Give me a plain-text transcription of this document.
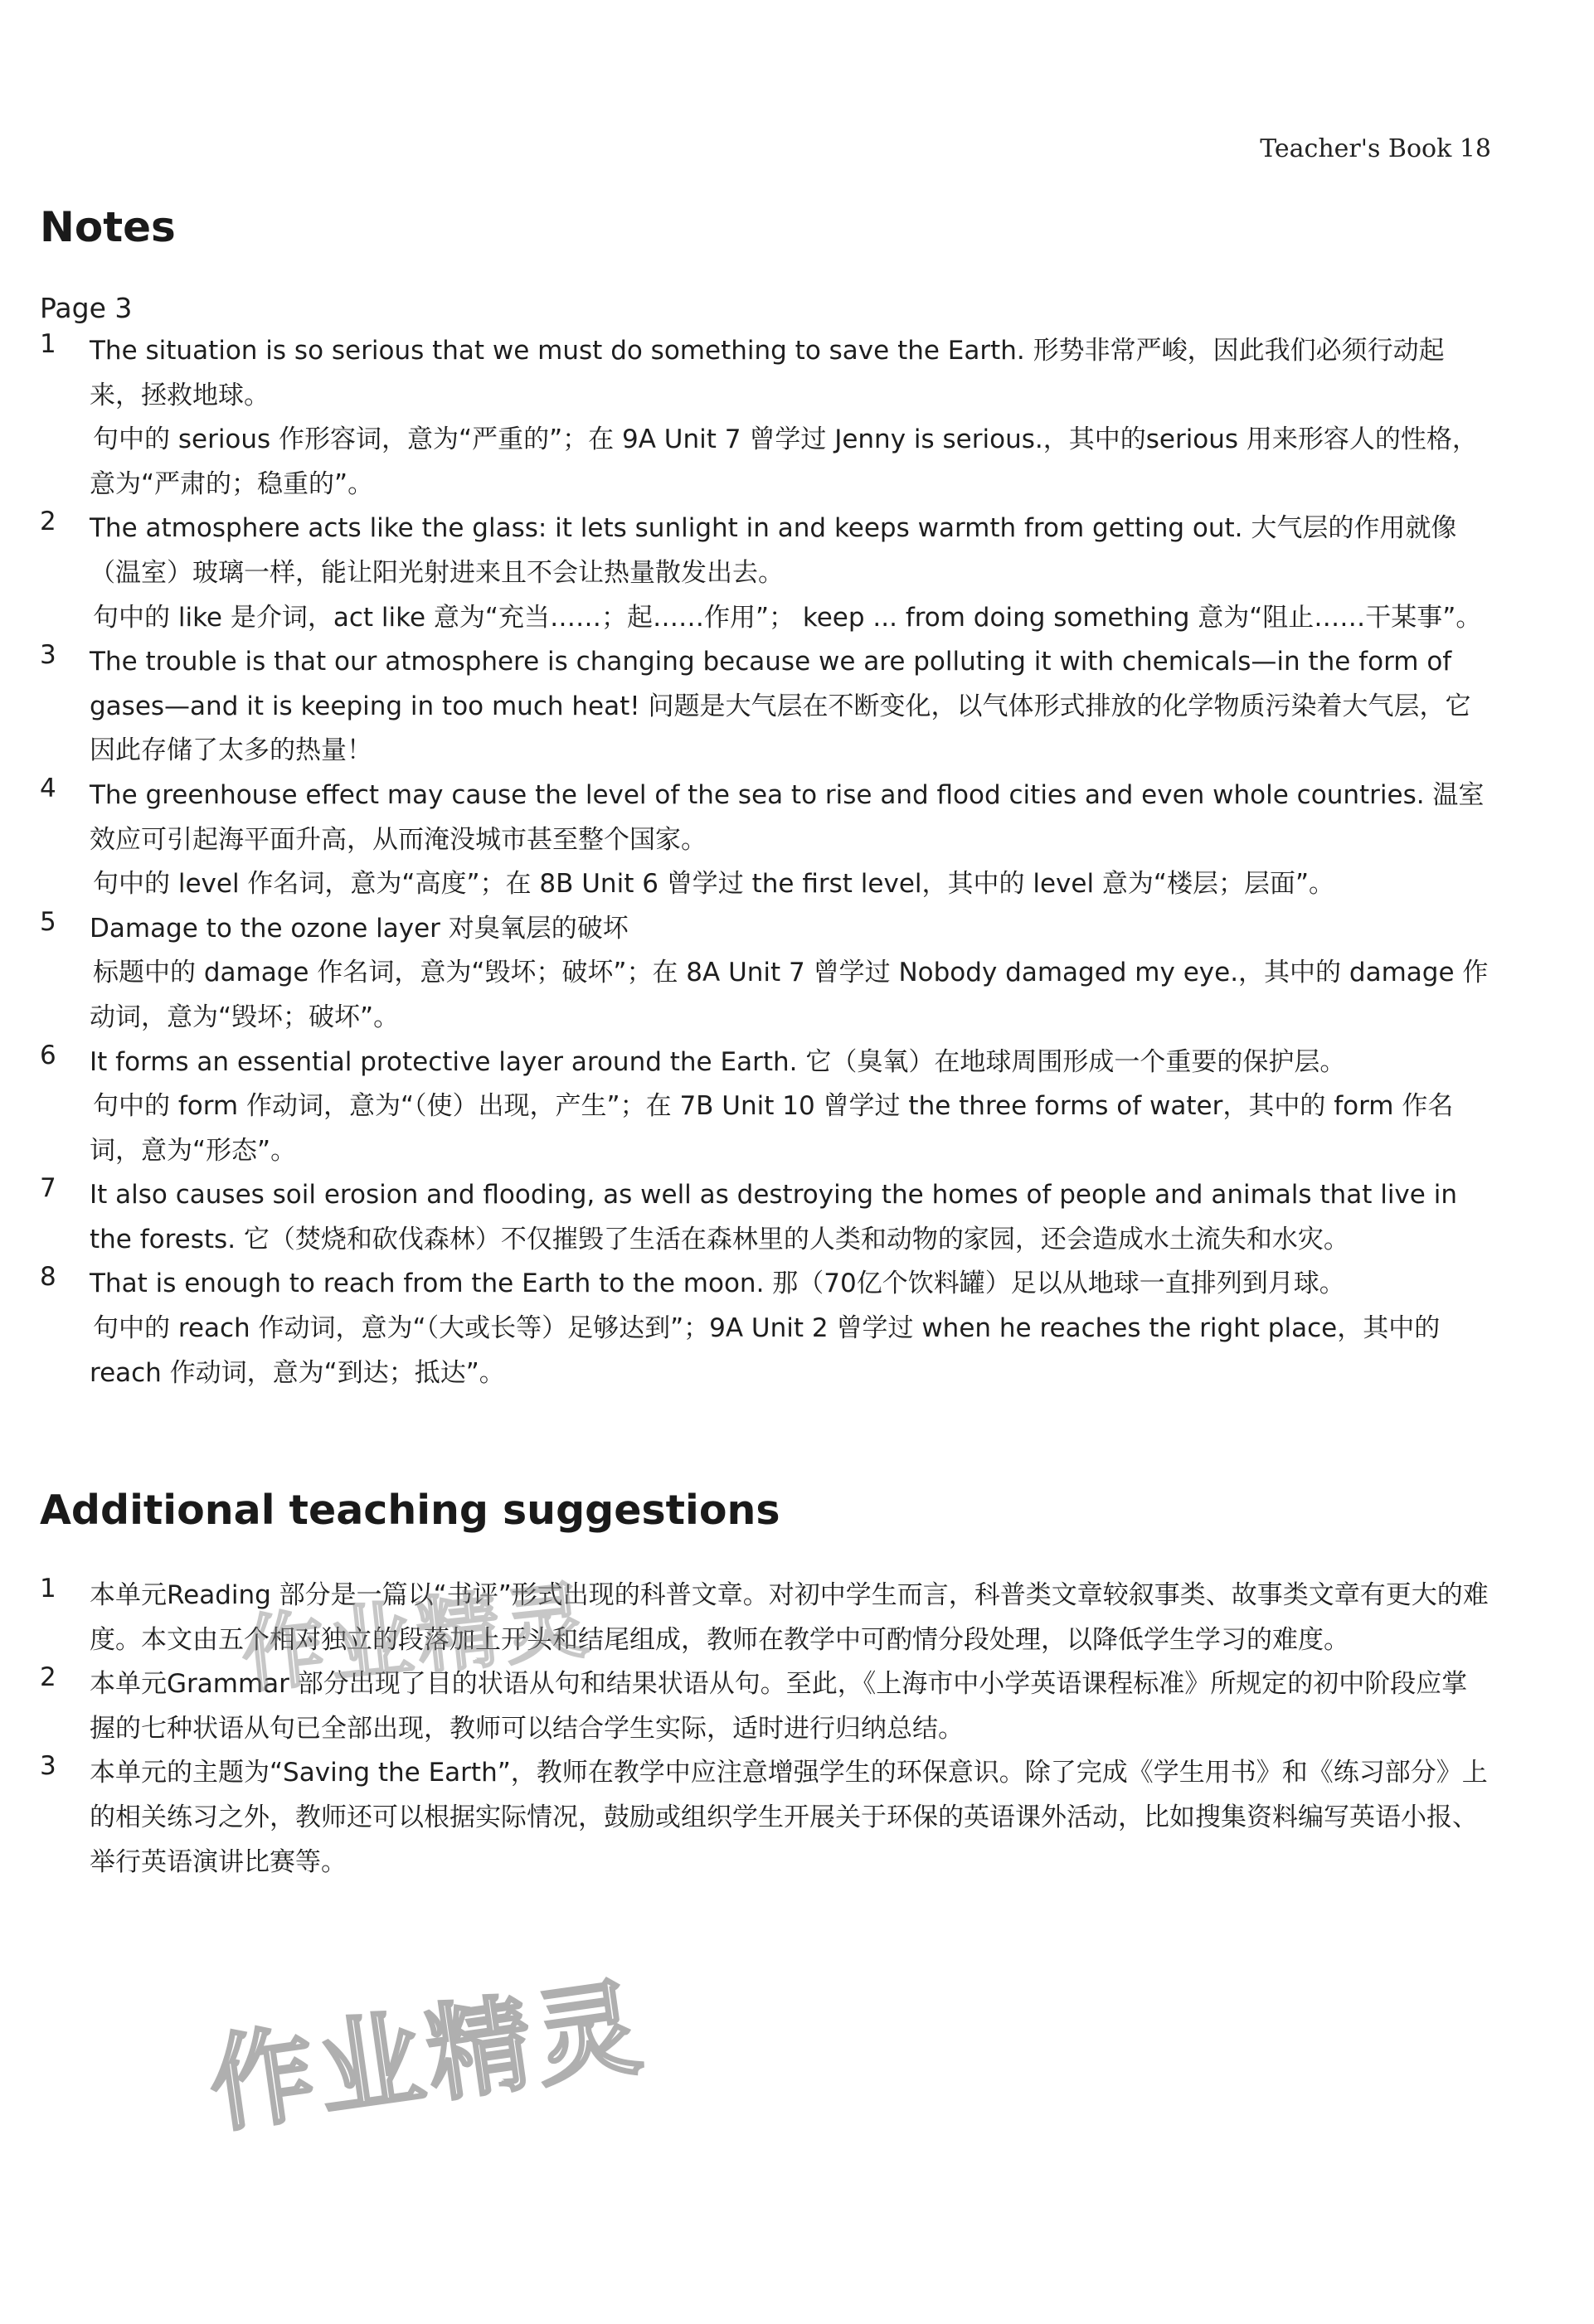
Teacher's Book 18
Notes
Page 3
1 The situation is so serious that we must do something to save the Earth. 形势非常严峻，因此我们必须行动起来，拯救地球。

句中的 serious 作形容词，意为“严重的”；在 9A Unit 7 曾学过 Jenny is serious.，其中的serious 用来形容人的性格，意为“严肃的；稳重的”。

2 The atmosphere acts like the glass: it lets sunlight in and keeps warmth from getting out. 大气层的作用就像（温室）玻璃一样，能让阳光射进来且不会让热量散发出去。

句中的 like 是介词，act like 意为“充当……；起……作用”； keep ... from doing something 意为“阻止……干某事”。

3 The trouble is that our atmosphere is changing because we are polluting it with chemicals—in the form of gases—and it is keeping in too much heat! 问题是大气层在不断变化，以气体形式排放的化学物质污染着大气层，它因此存储了太多的热量！

4 The greenhouse effect may cause the level of the sea to rise and flood cities and even whole countries. 温室效应可引起海平面升高，从而淹没城市甚至整个国家。

句中的 level 作名词，意为“高度”；在 8B Unit 6 曾学过 the first level，其中的 level 意为“楼层；层面”。

5 Damage to the ozone layer 对臭氧层的破坏

标题中的 damage 作名词，意为“毁坏；破坏”；在 8A Unit 7 曾学过 Nobody damaged my eye.，其中的 damage 作动词，意为“毁坏；破坏”。

6 It forms an essential protective layer around the Earth. 它（臭氧）在地球周围形成一个重要的保护层。

句中的 form 作动词，意为“（使）出现，产生”；在 7B Unit 10 曾学过 the three forms of water，其中的 form 作名词，意为“形态”。

7 It also causes soil erosion and flooding, as well as destroying the homes of people and animals that live in the forests. 它（焚烧和砍伐森林）不仅摧毁了生活在森林里的人类和动物的家园，还会造成水土流失和水灾。

8 That is enough to reach from the Earth to the moon. 那（70亿个饮料罐）足以从地球一直排列到月球。

句中的 reach 作动词，意为“（大或长等）足够达到”；9A Unit 2 曾学过 when he reaches the right place，其中的 reach 作动词，意为“到达；抵达”。

Additional teaching suggestions
1 本单元Reading 部分是一篇以“书评”形式出现的科普文章。对初中学生而言，科普类文章较叙事类、故事类文章有更大的难度。本文由五个相对独立的段落加上开头和结尾组成，教师在教学中可酌情分段处理，以降低学生学习的难度。

2 本单元Grammar 部分出现了目的状语从句和结果状语从句。至此，《上海市中小学英语课程标准》所规定的初中阶段应掌握的七种状语从句已全部出现，教师可以结合学生实际，适时进行归纳总结。

3 本单元的主题为“Saving the Earth”，教师在教学中应注意增强学生的环保意识。除了完成《学生用书》和《练习部分》上的相关练习之外，教师还可以根据实际情况，鼓励或组织学生开展关于环保的英语课外活动，比如搜集资料编写英语小报、举行英语演讲比赛等。

作业精灵
作业精灵
